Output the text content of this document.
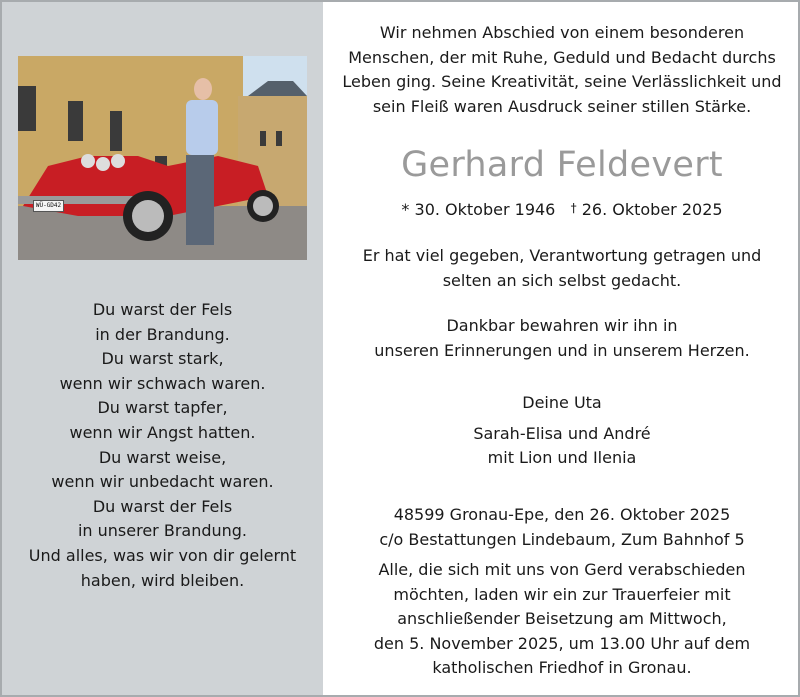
WÜ-GD42
Du warst der Fels
in der Brandung.
Du warst stark,
wenn wir schwach waren.
Du warst tapfer,
wenn wir Angst hatten.
Du warst weise,
wenn wir unbedacht waren.
Du warst der Fels
in unserer Brandung.
Und alles, was wir von dir gelernt
haben, wird bleiben.
Wir nehmen Abschied von einem besonderen
Menschen, der mit Ruhe, Geduld und Bedacht durchs
Leben ging. Seine Kreativität, seine Verlässlichkeit und
sein Fleiß waren Ausdruck seiner stillen Stärke.
Gerhard Feldevert
* 30. Oktober 1946 † 26. Oktober 2025
Er hat viel gegeben, Verantwortung getragen und
selten an sich selbst gedacht.
Dankbar bewahren wir ihn in
unseren Erinnerungen und in unserem Herzen.
Deine Uta
Sarah-Elisa und André
mit Lion und Ilenia
48599 Gronau-Epe, den 26. Oktober 2025
c/o Bestattungen Lindebaum, Zum Bahnhof 5
Alle, die sich mit uns von Gerd verabschieden
möchten, laden wir ein zur Trauerfeier mit
anschließender Beisetzung am Mittwoch,
den 5. November 2025, um 13.00 Uhr auf dem
katholischen Friedhof in Gronau.
